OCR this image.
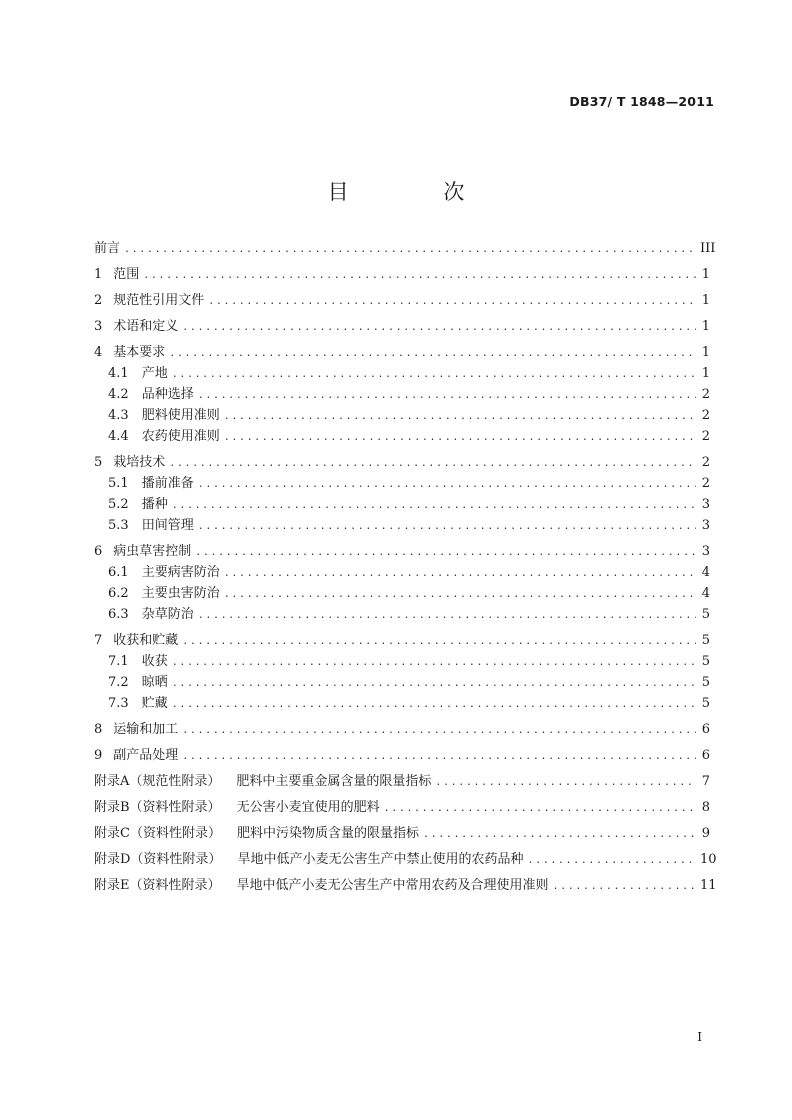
DB37/ T 1848—2011
目 次
前言 .....	III
1 范围 .....	1
2 规范性引用文件 .....	1
3 术语和定义 .....	1
4 基本要求 .....	1
4.1 产地 .....	1
4.2 品种选择 .....	2
4.3 肥料使用准则 .....	2
4.4 农药使用准则 .....	2
5 栽培技术 .....	2
5.1 播前准备 .....	2
5.2 播种 .....	3
5.3 田间管理 .....	3
6 病虫草害控制 .....	3
6.1 主要病害防治 .....	4
6.2 主要虫害防治 .....	4
6.3 杂草防治 .....	5
7 收获和贮藏 .....	5
7.1 收获 .....	5
7.2 晾晒 .....	5
7.3 贮藏 .....	5
8 运输和加工 .....	6
9 副产品处理 .....	6
附录A（规范性附录） 肥料中主要重金属含量的限量指标 .....	7
附录B（资料性附录） 无公害小麦宜使用的肥料 .....	8
附录C（资料性附录） 肥料中污染物质含量的限量指标 .....	9
附录D（资料性附录） 旱地中低产小麦无公害生产中禁止使用的农药品种 .....	10
附录E（资料性附录） 旱地中低产小麦无公害生产中常用农药及合理使用准则 .....	11
I
